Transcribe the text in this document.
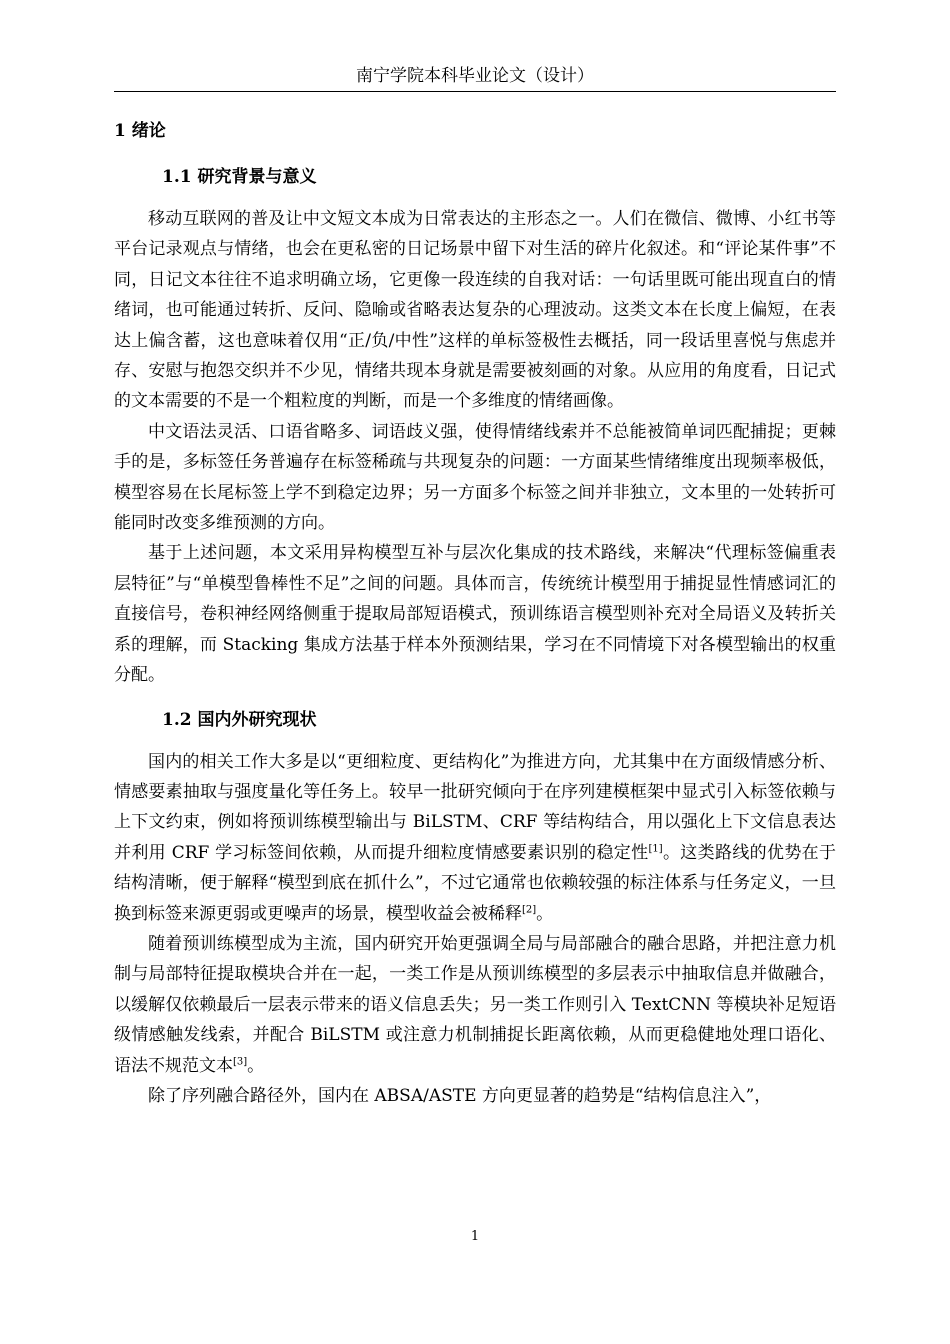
南宁学院本科毕业论文（设计）
1 绪论
1.1 研究背景与意义

移动互联网的普及让中文短文本成为日常表达的主形态之一。人们在微信、微博、小红书等平台记录观点与情绪，也会在更私密的日记场景中留下对生活的碎片化叙述。和“评论某件事”不同，日记文本往往不追求明确立场，它更像一段连续的自我对话：一句话里既可能出现直白的情绪词，也可能通过转折、反问、隐喻或省略表达复杂的心理波动。这类文本在长度上偏短，在表达上偏含蓄，这也意味着仅用“正/负/中性”这样的单标签极性去概括，同一段话里喜悦与焦虑并存、安慰与抱怨交织并不少见，情绪共现本身就是需要被刻画的对象。从应用的角度看，日记式的文本需要的不是一个粗粒度的判断，而是一个多维度的情绪画像。

中文语法灵活、口语省略多、词语歧义强，使得情绪线索并不总能被简单词匹配捕捉；更棘手的是，多标签任务普遍存在标签稀疏与共现复杂的问题：一方面某些情绪维度出现频率极低，模型容易在长尾标签上学不到稳定边界；另一方面多个标签之间并非独立，文本里的一处转折可能同时改变多维预测的方向。

基于上述问题，本文采用异构模型互补与层次化集成的技术路线，来解决“代理标签偏重表层特征”与“单模型鲁棒性不足”之间的问题。具体而言，传统统计模型用于捕捉显性情感词汇的直接信号，卷积神经网络侧重于提取局部短语模式，预训练语言模型则补充对全局语义及转折关系的理解，而 Stacking 集成方法基于样本外预测结果，学习在不同情境下对各模型输出的权重分配。

1.2 国内外研究现状

国内的相关工作大多是以“更细粒度、更结构化”为推进方向，尤其集中在方面级情感分析、情感要素抽取与强度量化等任务上。较早一批研究倾向于在序列建模框架中显式引入标签依赖与上下文约束，例如将预训练模型输出与 BiLSTM、CRF 等结构结合，用以强化上下文信息表达并利用 CRF 学习标签间依赖，从而提升细粒度情感要素识别的稳定性[1]。这类路线的优势在于结构清晰，便于解释“模型到底在抓什么”，不过它通常也依赖较强的标注体系与任务定义，一旦换到标签来源更弱或更噪声的场景，模型收益会被稀释[2]。

随着预训练模型成为主流，国内研究开始更强调全局与局部融合的融合思路，并把注意力机制与局部特征提取模块合并在一起，一类工作是从预训练模型的多层表示中抽取信息并做融合，以缓解仅依赖最后一层表示带来的语义信息丢失；另一类工作则引入 TextCNN 等模块补足短语级情感触发线索，并配合 BiLSTM 或注意力机制捕捉长距离依赖，从而更稳健地处理口语化、语法不规范文本[3]。

除了序列融合路径外，国内在 ABSA/ASTE 方向更显著的趋势是“结构信息注入”，

1
